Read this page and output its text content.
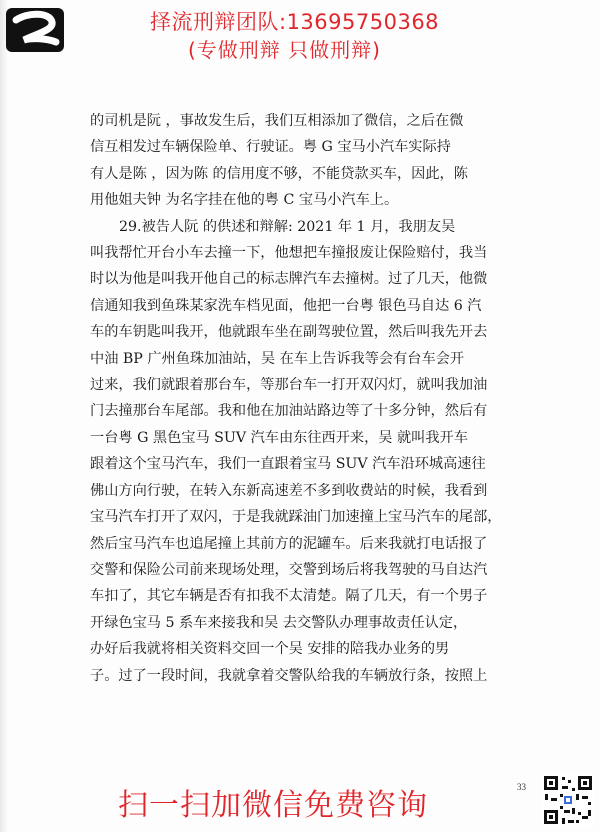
择流刑辩团队:13695750368
(专做刑辩 只做刑辩)

的司机是阮 ，事故发生后，我们互相添加了微信，之后在微

信互相发过车辆保险单、行驶证。粤 G 宝马小汽车实际持

有人是陈 ，因为陈 的信用度不够，不能贷款买车，因此，陈

用他姐夫钟 为名字挂在他的粤 C 宝马小汽车上。

29.被告人阮 的供述和辩解: 2021 年 1 月，我朋友吴

叫我帮忙开台小车去撞一下，他想把车撞报废让保险赔付，我当

时以为他是叫我开他自己的标志牌汽车去撞树。过了几天，他微

信通知我到鱼珠某家洗车档见面，他把一台粤 银色马自达 6 汽

车的车钥匙叫我开，他就跟车坐在副驾驶位置，然后叫我先开去

中油 BP 广州鱼珠加油站，吴 在车上告诉我等会有台车会开

过来，我们就跟着那台车，等那台车一打开双闪灯，就叫我加油

门去撞那台车尾部。我和他在加油站路边等了十多分钟，然后有

一台粤 G 黑色宝马 SUV 汽车由东往西开来，吴 就叫我开车

跟着这个宝马汽车，我们一直跟着宝马 SUV 汽车沿环城高速往

佛山方向行驶，在转入东新高速差不多到收费站的时候，我看到

宝马汽车打开了双闪，于是我就踩油门加速撞上宝马汽车的尾部，

然后宝马汽车也追尾撞上其前方的泥罐车。后来我就打电话报了

交警和保险公司前来现场处理，交警到场后将我驾驶的马自达汽

车扣了，其它车辆是否有扣我不太清楚。隔了几天，有一个男子

开绿色宝马 5 系车来接我和吴 去交警队办理事故责任认定，

办好后我就将相关资料交回一个吴 安排的陪我办业务的男

子。过了一段时间，我就拿着交警队给我的车辆放行条，按照上

33
扫一扫加微信免费咨询
